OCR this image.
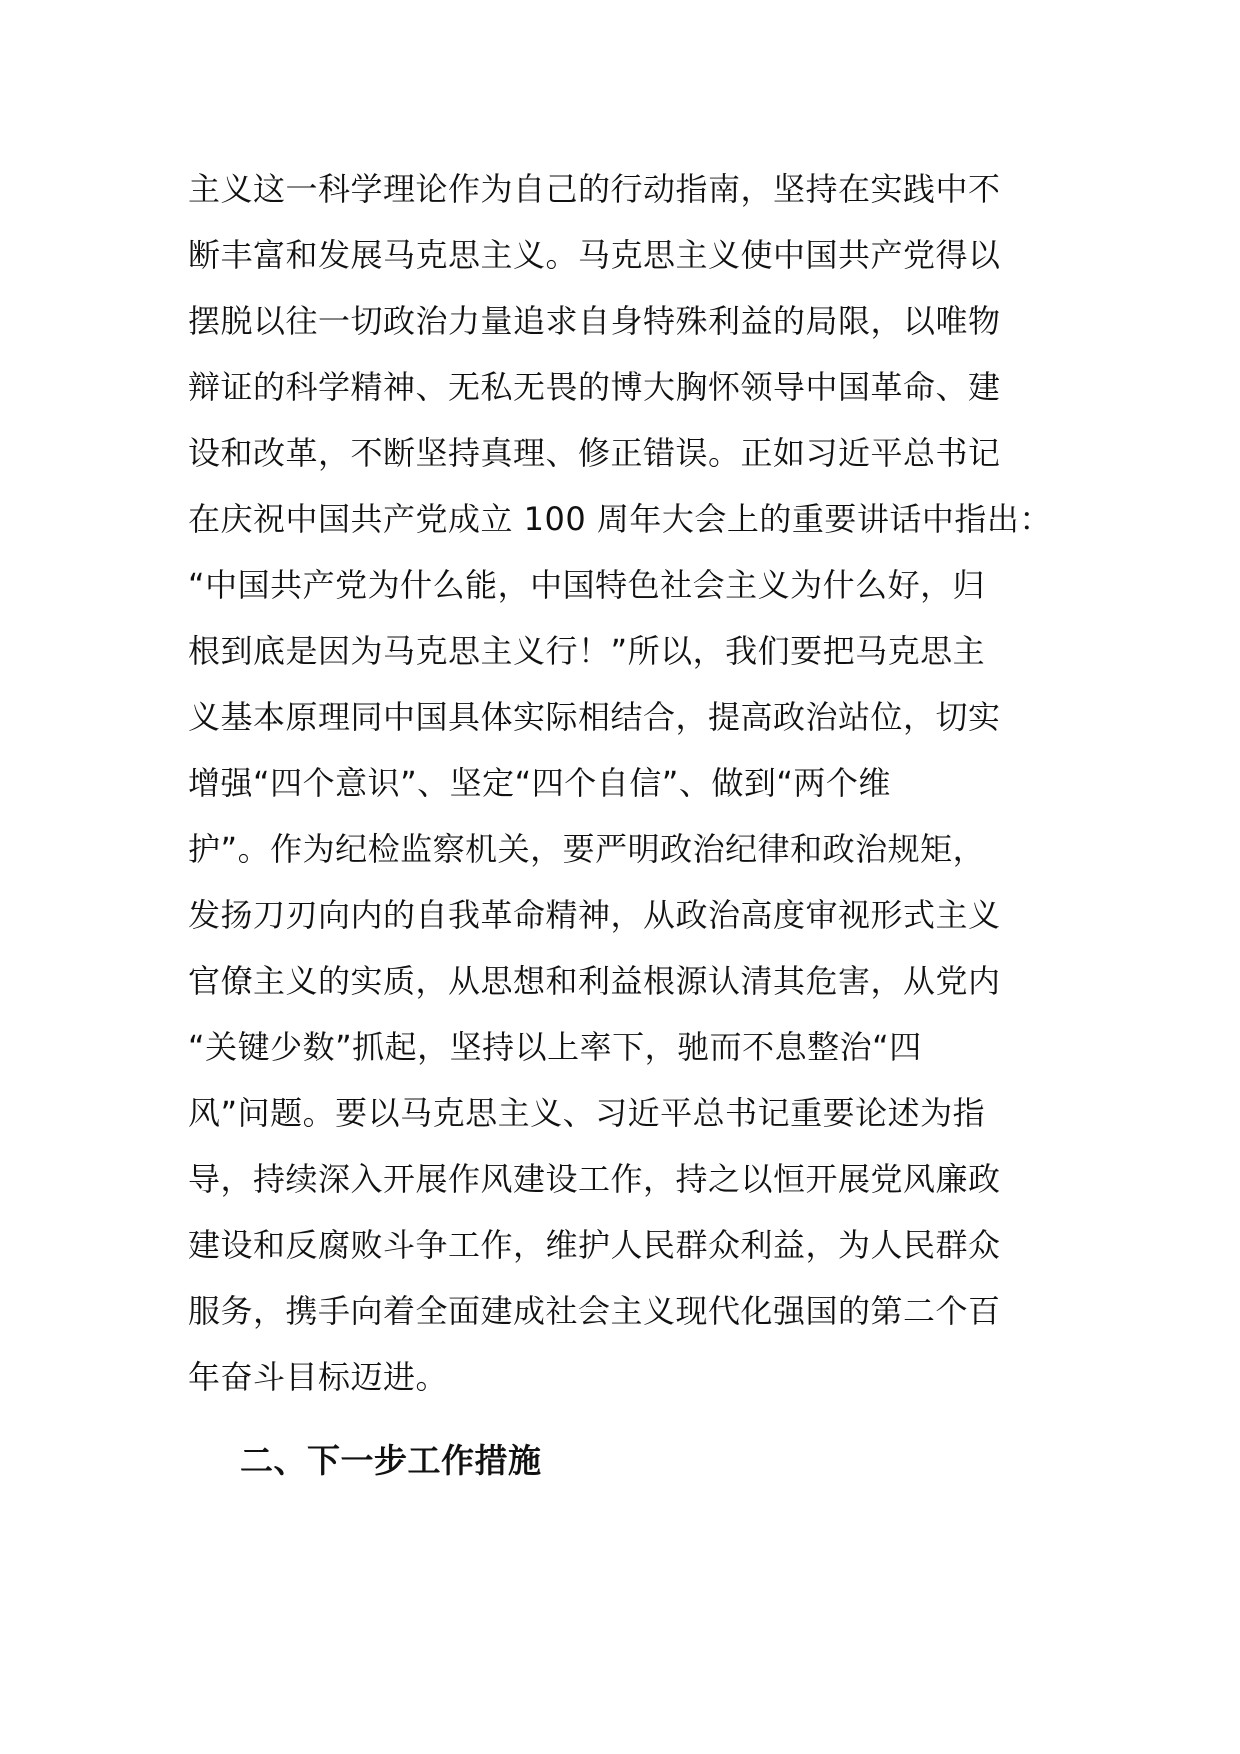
主义这一科学理论作为自己的行动指南，坚持在实践中不
断丰富和发展马克思主义。马克思主义使中国共产党得以
摆脱以往一切政治力量追求自身特殊利益的局限，以唯物
辩证的科学精神、无私无畏的博大胸怀领导中国革命、建
设和改革，不断坚持真理、修正错误。正如习近平总书记
在庆祝中国共产党成立 100 周年大会上的重要讲话中指出：
“中国共产党为什么能，中国特色社会主义为什么好，归
根到底是因为马克思主义行！”所以，我们要把马克思主
义基本原理同中国具体实际相结合，提高政治站位，切实
增强“四个意识”、坚定“四个自信”、做到“两个维
护”。作为纪检监察机关，要严明政治纪律和政治规矩，
发扬刀刃向内的自我革命精神，从政治高度审视形式主义
官僚主义的实质，从思想和利益根源认清其危害，从党内
“关键少数”抓起，坚持以上率下，驰而不息整治“四
风”问题。要以马克思主义、习近平总书记重要论述为指
导，持续深入开展作风建设工作，持之以恒开展党风廉政
建设和反腐败斗争工作，维护人民群众利益，为人民群众
服务，携手向着全面建成社会主义现代化强国的第二个百
年奋斗目标迈进。
二、下一步工作措施
